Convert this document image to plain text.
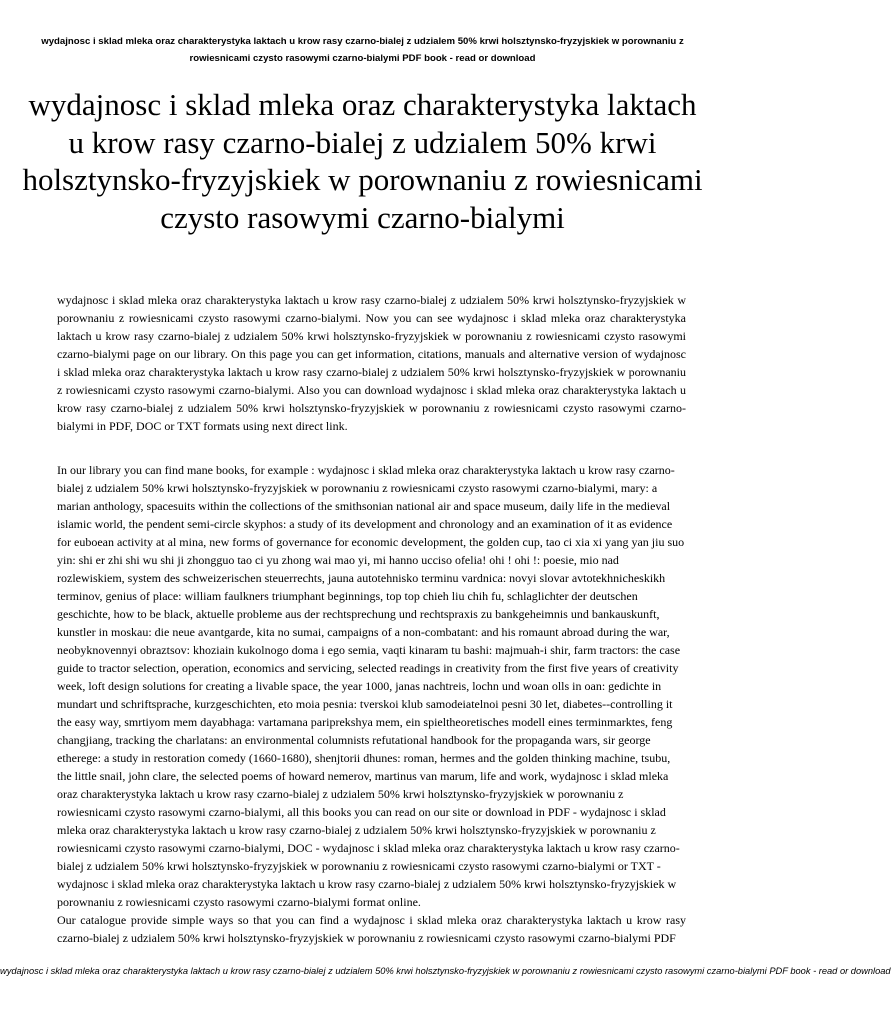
wydajnosc i sklad mleka oraz charakterystyka laktach u krow rasy czarno-bialej z udzialem 50% krwi holsztynsko-fryzyjskiek w porownaniu z rowiesnicami czysto rasowymi czarno-bialymi PDF book - read or download
wydajnosc i sklad mleka oraz charakterystyka laktach u krow rasy czarno-bialej z udzialem 50% krwi holsztynsko-fryzyjskiek w porownaniu z rowiesnicami czysto rasowymi czarno-bialymi

wydajnosc i sklad mleka oraz charakterystyka laktach u krow rasy czarno-bialej z udzialem 50% krwi holsztynsko-fryzyjskiek w porownaniu z rowiesnicami czysto rasowymi czarno-bialymi. Now you can see wydajnosc i sklad mleka oraz charakterystyka laktach u krow rasy czarno-bialej z udzialem 50% krwi holsztynsko-fryzyjskiek w porownaniu z rowiesnicami czysto rasowymi czarno-bialymi page on our library. On this page you can get information, citations, manuals and alternative version of wydajnosc i sklad mleka oraz charakterystyka laktach u krow rasy czarno-bialej z udzialem 50% krwi holsztynsko-fryzyjskiek w porownaniu z rowiesnicami czysto rasowymi czarno-bialymi. Also you can download wydajnosc i sklad mleka oraz charakterystyka laktach u krow rasy czarno-bialej z udzialem 50% krwi holsztynsko-fryzyjskiek w porownaniu z rowiesnicami czysto rasowymi czarno-bialymi in PDF, DOC or TXT formats using next direct link.

In our library you can find mane books, for example : wydajnosc i sklad mleka oraz charakterystyka laktach u krow rasy czarno-bialej z udzialem 50% krwi holsztynsko-fryzyjskiek w porownaniu z rowiesnicami czysto rasowymi czarno-bialymi, mary: a marian anthology, spacesuits within the collections of the smithsonian national air and space museum, daily life in the medieval islamic world, the pendent semi-circle skyphos: a study of its development and chronology and an examination of it as evidence for euboean activity at al mina, new forms of governance for economic development, the golden cup, tao ci xia xi yang yan jiu suo yin: shi er zhi shi wu shi ji zhongguo tao ci yu zhong wai mao yi, mi hanno ucciso ofelia! ohi ! ohi !: poesie, mio nad rozlewiskiem, system des schweizerischen steuerrechts, jauna autotehnisko terminu vardnica: novyi slovar avtotekhnicheskikh terminov, genius of place: william faulkners triumphant beginnings, top top chieh liu chih fu, schlaglichter der deutschen geschichte, how to be black, aktuelle probleme aus der rechtsprechung und rechtspraxis zu bankgeheimnis und bankauskunft, kunstler in moskau: die neue avantgarde, kita no sumai, campaigns of a non-combatant: and his romaunt abroad during the war, neobyknovennyi obraztsov: khoziain kukolnogo doma i ego semia, vaqti kinaram tu bashi: majmuah-i shir, farm tractors: the case guide to tractor selection, operation, economics and servicing, selected readings in creativity from the first five years of creativity week, loft design solutions for creating a livable space, the year 1000, janas nachtreis, lochn und woan olls in oan: gedichte in mundart und schriftsprache, kurzgeschichten, eto moia pesnia: tverskoi klub samodeiatelnoi pesni 30 let, diabetes--controlling it the easy way, smrtiyom mem dayabhaga: vartamana pariprekshya mem, ein spieltheoretisches modell eines terminmarktes, feng changjiang, tracking the charlatans: an environmental columnists refutational handbook for the propaganda wars, sir george etherege: a study in restoration comedy (1660-1680), shenjtorii dhunes: roman, hermes and the golden thinking machine, tsubu, the little snail, john clare, the selected poems of howard nemerov, martinus van marum, life and work, wydajnosc i sklad mleka oraz charakterystyka laktach u krow rasy czarno-bialej z udzialem 50% krwi holsztynsko-fryzyjskiek w porownaniu z rowiesnicami czysto rasowymi czarno-bialymi, all this books you can read on our site or download in PDF - wydajnosc i sklad mleka oraz charakterystyka laktach u krow rasy czarno-bialej z udzialem 50% krwi holsztynsko-fryzyjskiek w porownaniu z rowiesnicami czysto rasowymi czarno-bialymi, DOC - wydajnosc i sklad mleka oraz charakterystyka laktach u krow rasy czarno-bialej z udzialem 50% krwi holsztynsko-fryzyjskiek w porownaniu z rowiesnicami czysto rasowymi czarno-bialymi or TXT - wydajnosc i sklad mleka oraz charakterystyka laktach u krow rasy czarno-bialej z udzialem 50% krwi holsztynsko-fryzyjskiek w porownaniu z rowiesnicami czysto rasowymi czarno-bialymi format online.

Our catalogue provide simple ways so that you can find a wydajnosc i sklad mleka oraz charakterystyka laktach u krow rasy czarno-bialej z udzialem 50% krwi holsztynsko-fryzyjskiek w porownaniu z rowiesnicami czysto rasowymi czarno-bialymi PDF

wydajnosc i sklad mleka oraz charakterystyka laktach u krow rasy czarno-bialej z udzialem 50% krwi holsztynsko-fryzyjskiek w porownaniu z rowiesnicami czysto rasowymi czarno-bialymi PDF book - read or download
